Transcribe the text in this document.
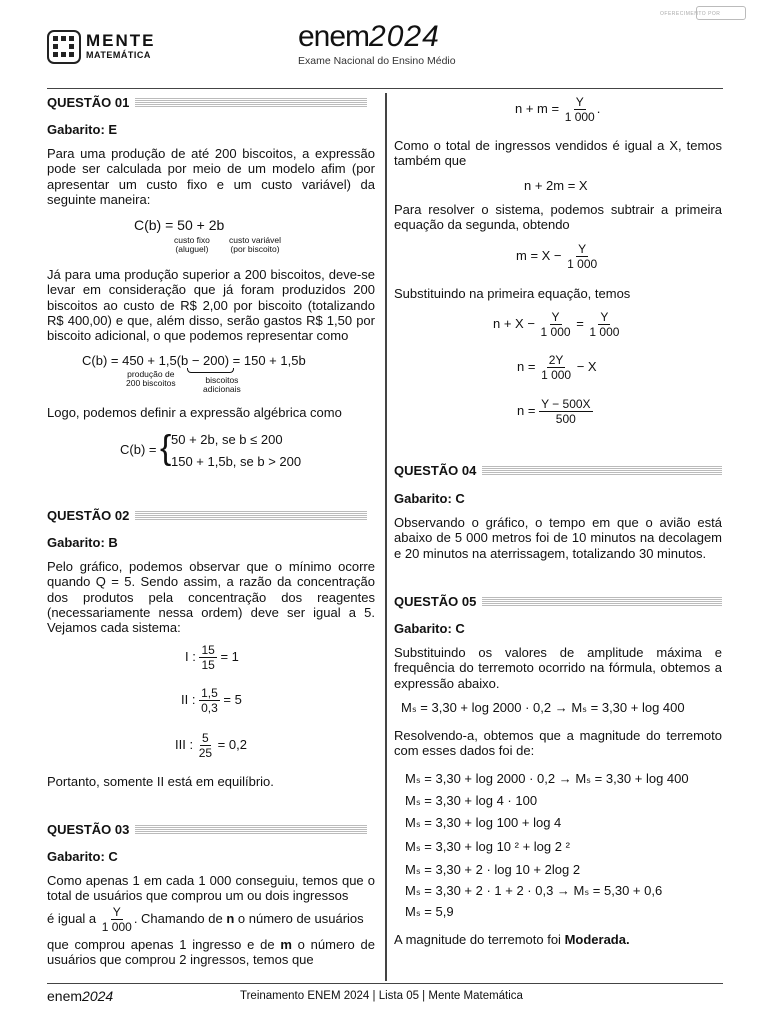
MENTE
MATEMÁTICA
enem2024
Exame Nacional do Ensino Médio
OFERECIMENTO POR
QUESTÃO 01
Gabarito: E
Para uma produção de até 200 biscoitos, a expressão pode ser calculada por meio de um modelo afim (por apresentar um custo fixo e um custo variável) da seguinte maneira:
C(b) = 50 + 2b
custo fixo
(aluguel)
custo variável
(por biscoito)
Já para uma produção superior a 200 biscoitos, deve-se levar em consideração que já foram produzidos 200 biscoitos ao custo de R$ 2,00 por biscoito (totalizando R$ 400,00) e que, além disso, serão gastos R$ 1,50 por biscoito adicional, o que podemos representar como
C(b) = 450 + 1,5(b − 200) = 150 + 1,5b
produção de
200 biscoitos	biscoitos
adicionais
Logo, podemos definir a expressão algébrica como
C(b) = { 50 + 2b, se b ≤ 200
150 + 1,5b, se b > 200
QUESTÃO 02
Gabarito: B
Pelo gráfico, podemos observar que o mínimo ocorre quando Q = 5. Sendo assim, a razão da concentração dos produtos pela concentração dos reagentes (necessariamente nessa ordem) deve ser igual a 5. Vejamos cada sistema:
I : $\frac{15}{15} = 1$
II : $\frac{1,5}{0,3} = 5$
III : $\frac{5}{25} = 0,2$
Portanto, somente II está em equilíbrio.
QUESTÃO 03
Gabarito: C
Como apenas 1 em cada 1 000 conseguiu, temos que o total de usuários que comprou um ou dois ingressos
é igual a $\frac{Y}{1 000}$ . Chamando de n o número de usuários
que comprou apenas 1 ingresso e de m o número de usuários que comprou 2 ingressos, temos que
$n + m = \frac{Y}{1 000}$ .
Como o total de ingressos vendidos é igual a X, temos também que
n + 2m = X
Para resolver o sistema, podemos subtrair a primeira equação da segunda, obtendo
$m = X - \frac{Y}{1 000}$
Substituindo na primeira equação, temos
$n + X - \frac{Y}{1 000} = \frac{Y}{1 000}$
$n = \frac{2Y}{1 000} - X$
$n = \frac{Y - 500X}{500}$
QUESTÃO 04
Gabarito: C
Observando o gráfico, o tempo em que o avião está abaixo de 5 000 metros foi de 10 minutos na decolagem e 20 minutos na aterrissagem, totalizando 30 minutos.
QUESTÃO 05
Gabarito: C
Substituindo os valores de amplitude máxima e frequência do terremoto ocorrido na fórmula, obtemos a expressão abaixo.
Mₛ = 3,30 + log 2000 · 0,2 → Mₛ = 3,30 + log 400
Resolvendo-a, obtemos que a magnitude do terremoto com esses dados foi de:
Mₛ = 3,30 + log 2000 · 0,2 → Mₛ = 3,30 + log 400
Mₛ = 3,30 + log 4 · 100
Mₛ = 3,30 + log 100 + log 4
Mₛ = 3,30 + log 10 ² + log 2 ²
Mₛ = 3,30 + 2 · log 10 + 2log 2
Mₛ = 3,30 + 2 · 1 + 2 · 0,3 → Mₛ = 5,30 + 0,6
Mₛ = 5,9
A magnitude do terremoto foi Moderada.
enem2024	Treinamento ENEM 2024 | Lista 05 | Mente Matemática
